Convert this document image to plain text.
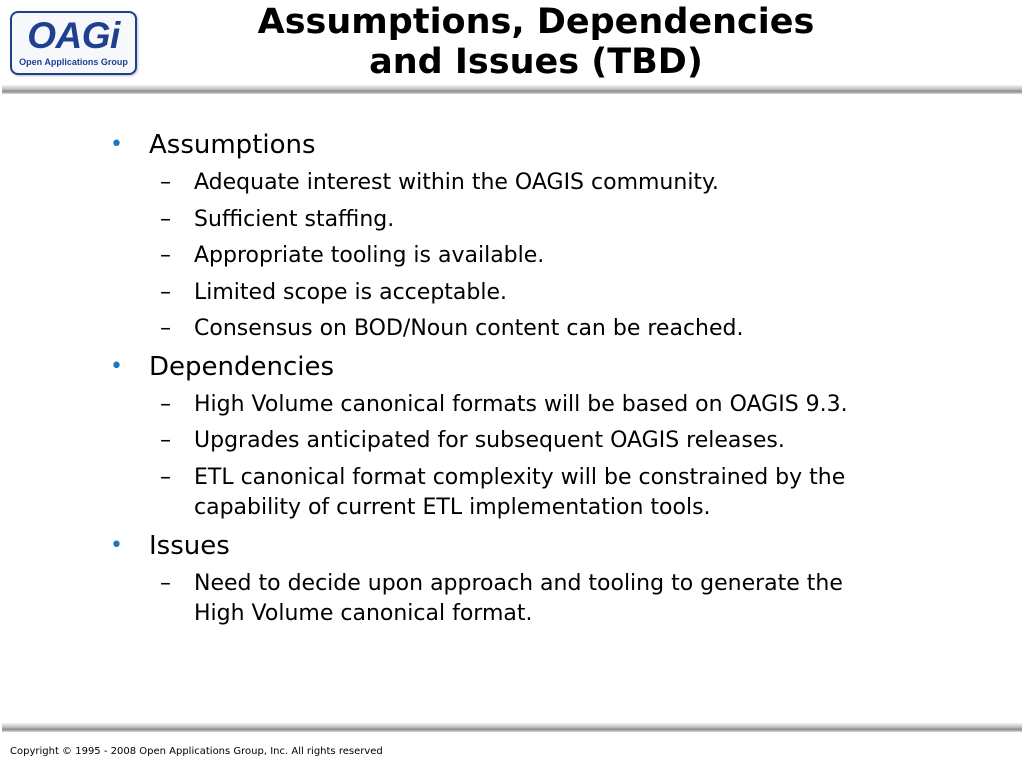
OAGi
Open Applications Group
Assumptions, Dependencies
and Issues (TBD)
• Assumptions
– Adequate interest within the OAGIS community.
– Sufficient staffing.
– Appropriate tooling is available.
– Limited scope is acceptable.
– Consensus on BOD/Noun content can be reached.
• Dependencies
– High Volume canonical formats will be based on OAGIS 9.3.
– Upgrades anticipated for subsequent OAGIS releases.
– ETL canonical format complexity will be constrained by the capability of current ETL implementation tools.
• Issues
– Need to decide upon approach and tooling to generate the High Volume canonical format.
Copyright © 1995 - 2008 Open Applications Group, Inc. All rights reserved
